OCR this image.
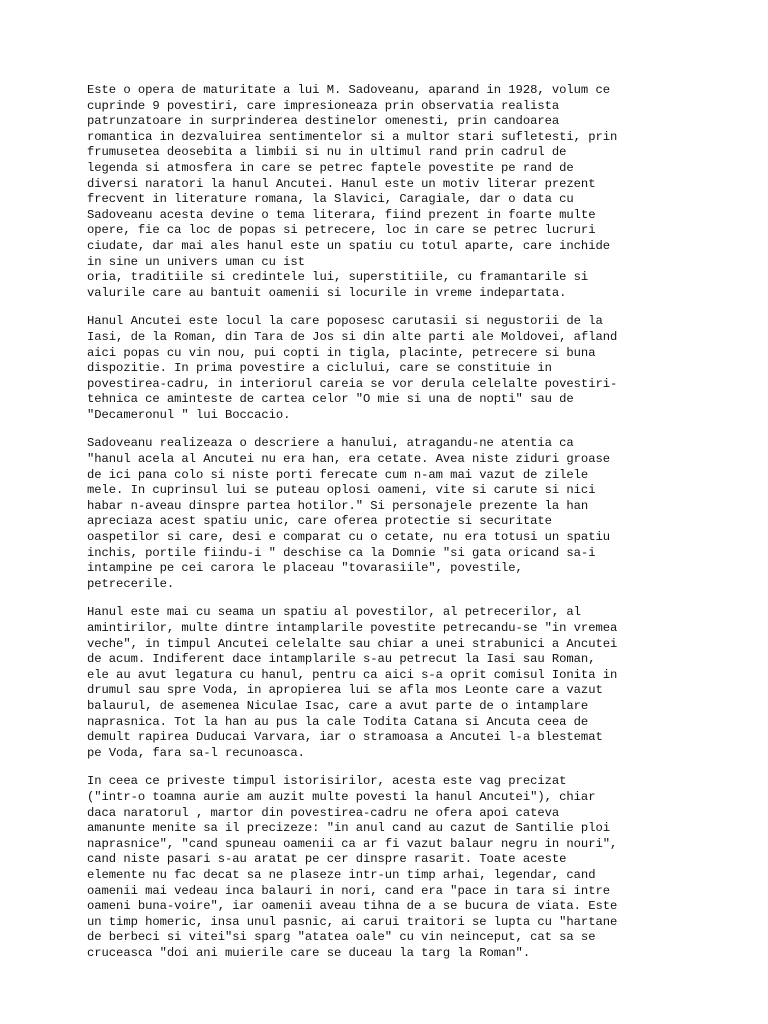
Este o opera de maturitate a lui M. Sadoveanu, aparand in 1928, volum ce
cuprinde 9 povestiri, care impresioneaza prin observatia realista
patrunzatoare in surprinderea destinelor omenesti, prin candoarea
romantica in dezvaluirea sentimentelor si a multor stari sufletesti, prin
frumusetea deosebita a limbii si nu in ultimul rand prin cadrul de
legenda si atmosfera in care se petrec faptele povestite pe rand de
diversi naratori la hanul Ancutei. Hanul este un motiv literar prezent
frecvent in literature romana, la Slavici, Caragiale, dar o data cu
Sadoveanu acesta devine o tema literara, fiind prezent in foarte multe
opere, fie ca loc de popas si petrecere, loc in care se petrec lucruri
ciudate, dar mai ales hanul este un spatiu cu totul aparte, care inchide
in sine un univers uman cu ist
oria, traditiile si credintele lui, superstitiile, cu framantarile si
valurile care au bantuit oamenii si locurile in vreme indepartata.
Hanul Ancutei este locul la care poposesc carutasii si negustorii de la
Iasi, de la Roman, din Tara de Jos si din alte parti ale Moldovei, afland
aici popas cu vin nou, pui copti in tigla, placinte, petrecere si buna
dispozitie. In prima povestire a ciclului, care se constituie in
povestirea-cadru, in interiorul careia se vor derula celelalte povestiri-
tehnica ce aminteste de cartea celor "O mie si una de nopti" sau de
"Decameronul " lui Boccacio.
Sadoveanu realizeaza o descriere a hanului, atragandu-ne atentia ca
"hanul acela al Ancutei nu era han, era cetate. Avea niste ziduri groase
de ici pana colo si niste porti ferecate cum n-am mai vazut de zilele
mele. In cuprinsul lui se puteau oplosi oameni, vite si carute si nici
habar n-aveau dinspre partea hotilor." Si personajele prezente la han
apreciaza acest spatiu unic, care oferea protectie si securitate
oaspetilor si care, desi e comparat cu o cetate, nu era totusi un spatiu
inchis, portile fiindu-i " deschise ca la Domnie "si gata oricand sa-i
intampine pe cei carora le placeau "tovarasiile", povestile,
petrecerile.
Hanul este mai cu seama un spatiu al povestilor, al petrecerilor, al
amintirilor, multe dintre intamplarile povestite petrecandu-se "in vremea
veche", in timpul Ancutei celelalte sau chiar a unei strabunici a Ancutei
de acum. Indiferent dace intamplarile s-au petrecut la Iasi sau Roman,
ele au avut legatura cu hanul, pentru ca aici s-a oprit comisul Ionita in
drumul sau spre Voda, in apropierea lui se afla mos Leonte care a vazut
balaurul, de asemenea Niculae Isac, care a avut parte de o intamplare
naprasnica. Tot la han au pus la cale Todita Catana si Ancuta ceea de
demult rapirea Duducai Varvara, iar o stramoasa a Ancutei l-a blestemat
pe Voda, fara sa-l recunoasca.
In ceea ce priveste timpul istorisirilor, acesta este vag precizat
("intr-o toamna aurie am auzit multe povesti la hanul Ancutei"), chiar
daca naratorul , martor din povestirea-cadru ne ofera apoi cateva
amanunte menite sa il precizeze: "in anul cand au cazut de Santilie ploi
naprasnice", "cand spuneau oamenii ca ar fi vazut balaur negru in nouri",
cand niste pasari s-au aratat pe cer dinspre rasarit. Toate aceste
elemente nu fac decat sa ne plaseze intr-un timp arhai, legendar, cand
oamenii mai vedeau inca balauri in nori, cand era "pace in tara si intre
oameni buna-voire", iar oamenii aveau tihna de a se bucura de viata. Este
un timp homeric, insa unul pasnic, ai carui traitori se lupta cu "hartane
de berbeci si vitei"si sparg "atatea oale" cu vin neinceput, cat sa se
cruceasca "doi ani muierile care se duceau la targ la Roman".
